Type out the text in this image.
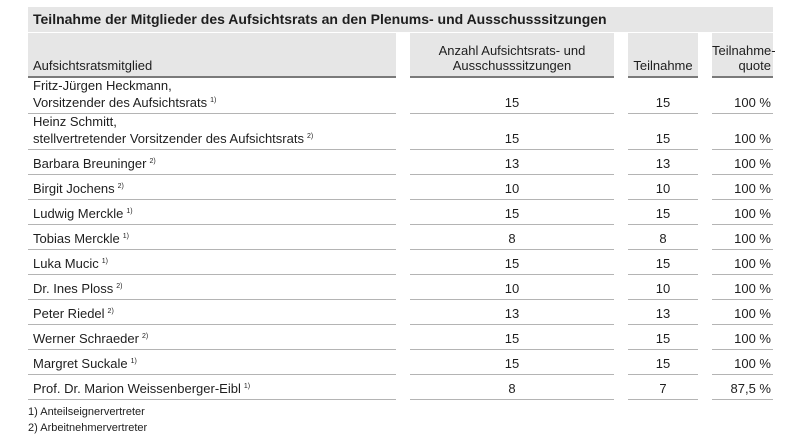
Teilnahme der Mitglieder des Aufsichtsrats an den Plenums- und Ausschusssitzungen
Aufsichtsratsmitglied		Anzahl Aufsichtsrats- und
Ausschusssitzungen		Teilnahme		Teilnahme-
quote
Fritz-Jürgen Heckmann,
Vorsitzender des Aufsichtsrats $^{1)}$		15		15		100 %
Heinz Schmitt,
stellvertretender Vorsitzender des Aufsichtsrats $^{2)}$		15		15		100 %
Barbara Breuninger $^{2)}$		13		13		100 %
Birgit Jochens $^{2)}$		10		10		100 %
Ludwig Merckle $^{1)}$		15		15		100 %
Tobias Merckle $^{1)}$		8		8		100 %
Luka Mucic $^{1)}$		15		15		100 %
Dr. Ines Ploss $^{2)}$		10		10		100 %
Peter Riedel $^{2)}$		13		13		100 %
Werner Schraeder $^{2)}$		15		15		100 %
Margret Suckale $^{1)}$		15		15		100 %
Prof. Dr. Marion Weissenberger-Eibl $^{1)}$		8		7		87,5 %
1) Anteilseignervertreter
2) Arbeitnehmervertreter
